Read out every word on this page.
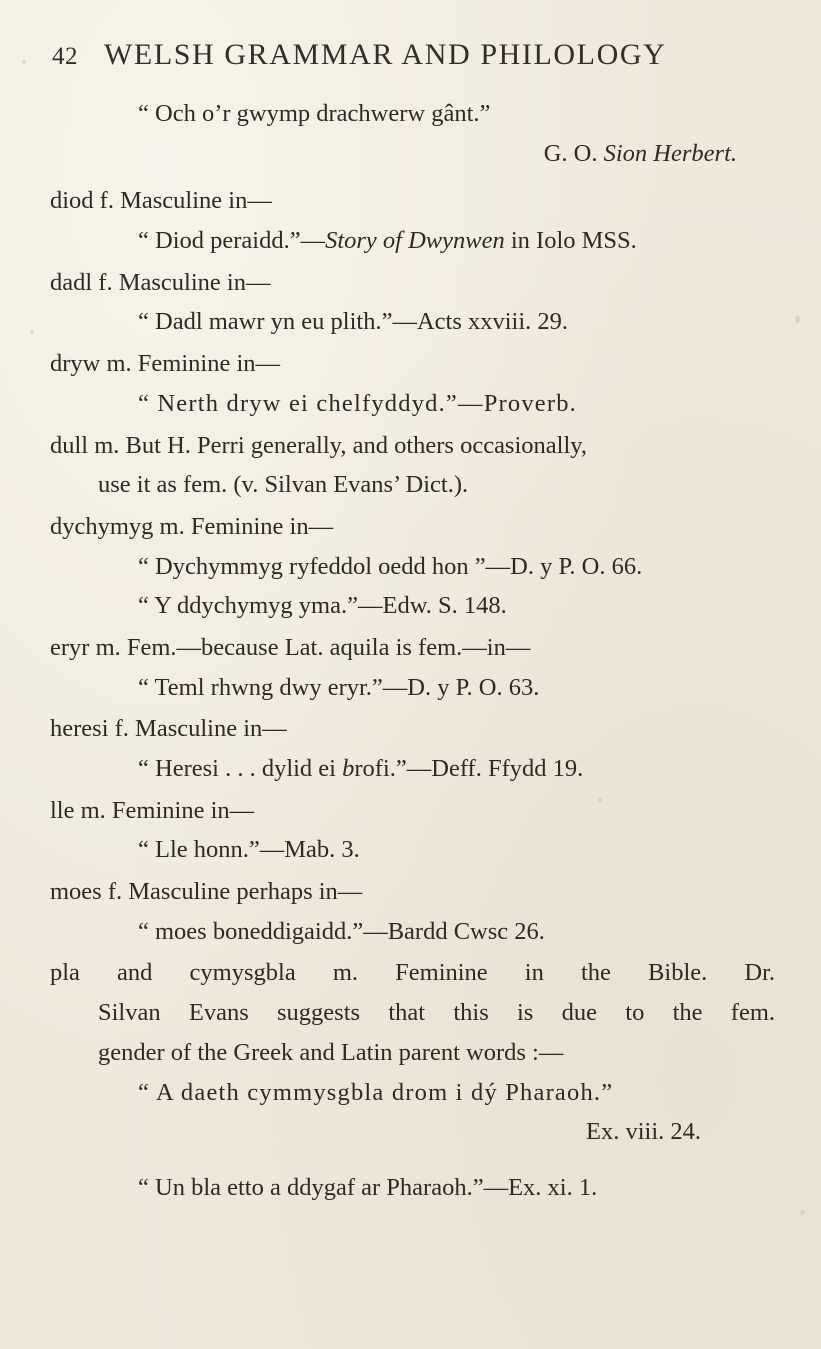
42 WELSH GRAMMAR AND PHILOLOGY
“ Och o’r gwymp drachwerw gânt.”
G. O. Sion Herbert.
diod f. Masculine in—
“ Diod peraidd.”—Story of Dwynwen in Iolo MSS.
dadl f. Masculine in—
“ Dadl mawr yn eu plith.”—Acts xxviii. 29.
dryw m. Feminine in—
“ Nerth dryw ei chelfyddyd.”—Proverb.
dull m. But H. Perri generally, and others occasionally,
use it as fem. (v. Silvan Evans’ Dict.).
dychymyg m. Feminine in—
“ Dychymmyg ryfeddol oedd hon ”—D. y P. O. 66.
“ Y ddychymyg yma.”—Edw. S. 148.
eryr m. Fem.—because Lat. aquila is fem.—in—
“ Teml rhwng dwy eryr.”—D. y P. O. 63.
heresi f. Masculine in—
“ Heresi . . . dylid ei brofi.”—Deff. Ffydd 19.
lle m. Feminine in—
“ Lle honn.”—Mab. 3.
moes f. Masculine perhaps in—
“ moes boneddigaidd.”—Bardd Cwsc 26.
pla and cymysgbla m. Feminine in the Bible. Dr.
Silvan Evans suggests that this is due to the fem.
gender of the Greek and Latin parent words :—
“ A daeth cymmysgbla drom i dý Pharaoh.”
Ex. viii. 24.
“ Un bla etto a ddygaf ar Pharaoh.”—Ex. xi. 1.
